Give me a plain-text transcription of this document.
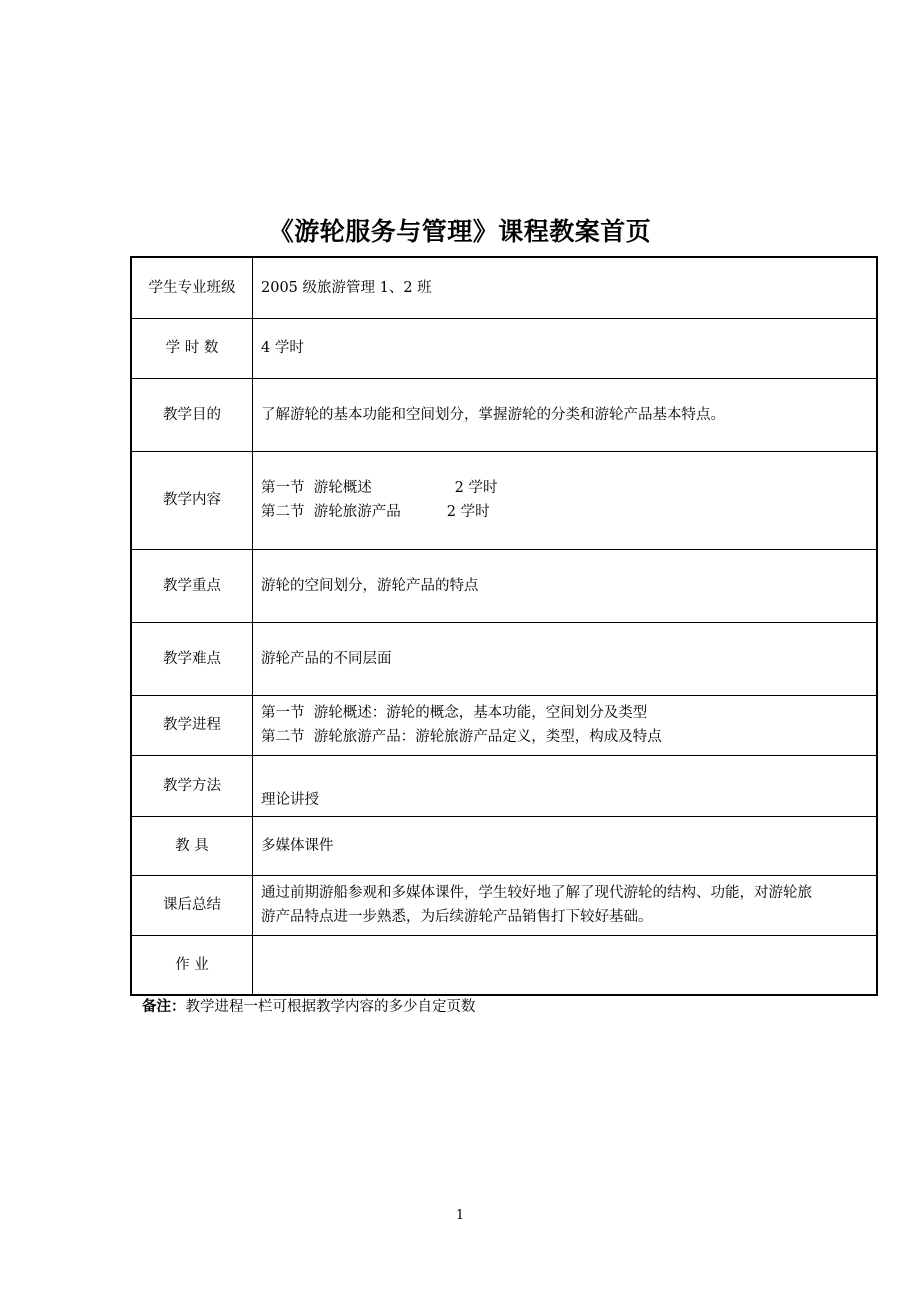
《游轮服务与管理》课程教案首页
学生专业班级	2005 级旅游管理 1、2 班

学 时 数	4 学时

教学目的	了解游轮的基本功能和空间划分，掌握游轮的分类和游轮产品基本特点。

教学内容	第一节  游轮概述                  2 学时
第二节  游轮旅游产品          2 学时

教学重点	游轮的空间划分，游轮产品的特点

教学难点	游轮产品的不同层面

教学进程	第一节  游轮概述：游轮的概念，基本功能，空间划分及类型
第二节  游轮旅游产品：游轮旅游产品定义，类型，构成及特点

教学方法	理论讲授

教 具	多媒体课件

课后总结	通过前期游船参观和多媒体课件，学生较好地了解了现代游轮的结构、功能，对游轮旅
游产品特点进一步熟悉，为后续游轮产品销售打下较好基础。

作 业	
备注：教学进程一栏可根据教学内容的多少自定页数
1
